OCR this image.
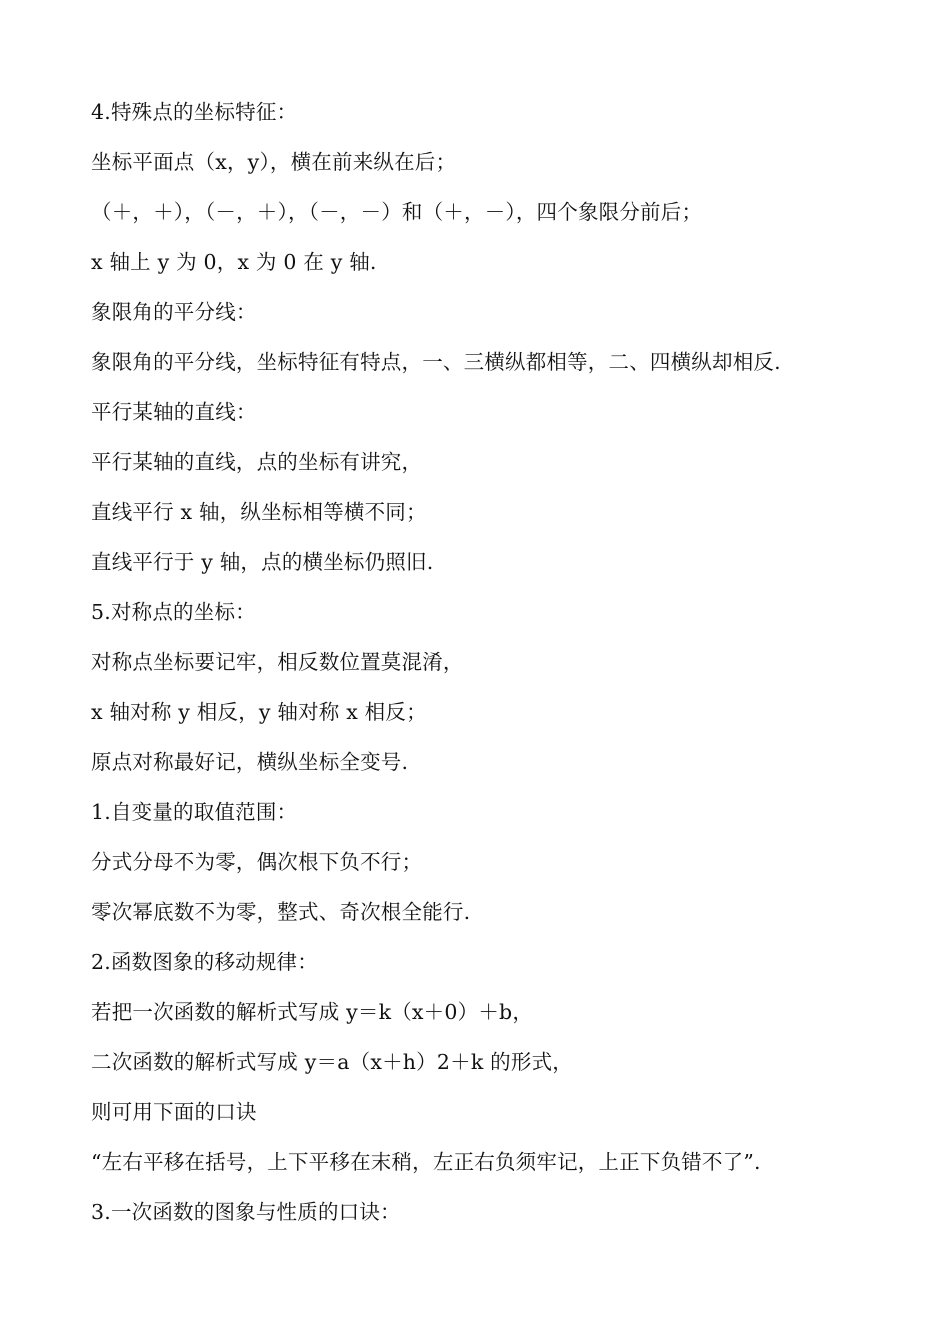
4.特殊点的坐标特征：
坐标平面点（x，y），横在前来纵在后；
（＋，＋），（－，＋），（－，－）和（＋，－），四个象限分前后；
x 轴上 y 为 0，x 为 0 在 y 轴.
象限角的平分线：
象限角的平分线，坐标特征有特点，一、三横纵都相等，二、四横纵却相反.
平行某轴的直线：
平行某轴的直线，点的坐标有讲究，
直线平行 x 轴，纵坐标相等横不同；
直线平行于 y 轴，点的横坐标仍照旧.
5.对称点的坐标：
对称点坐标要记牢，相反数位置莫混淆，
x 轴对称 y 相反，y 轴对称 x 相反；
原点对称最好记，横纵坐标全变号.
1.自变量的取值范围：
分式分母不为零，偶次根下负不行；
零次幂底数不为零，整式、奇次根全能行.
2.函数图象的移动规律：
若把一次函数的解析式写成 y＝k（x＋0）＋b，
二次函数的解析式写成 y＝a（x＋h）2＋k 的形式，
则可用下面的口诀
“左右平移在括号，上下平移在末稍，左正右负须牢记，上正下负错不了”.
3.一次函数的图象与性质的口诀：
